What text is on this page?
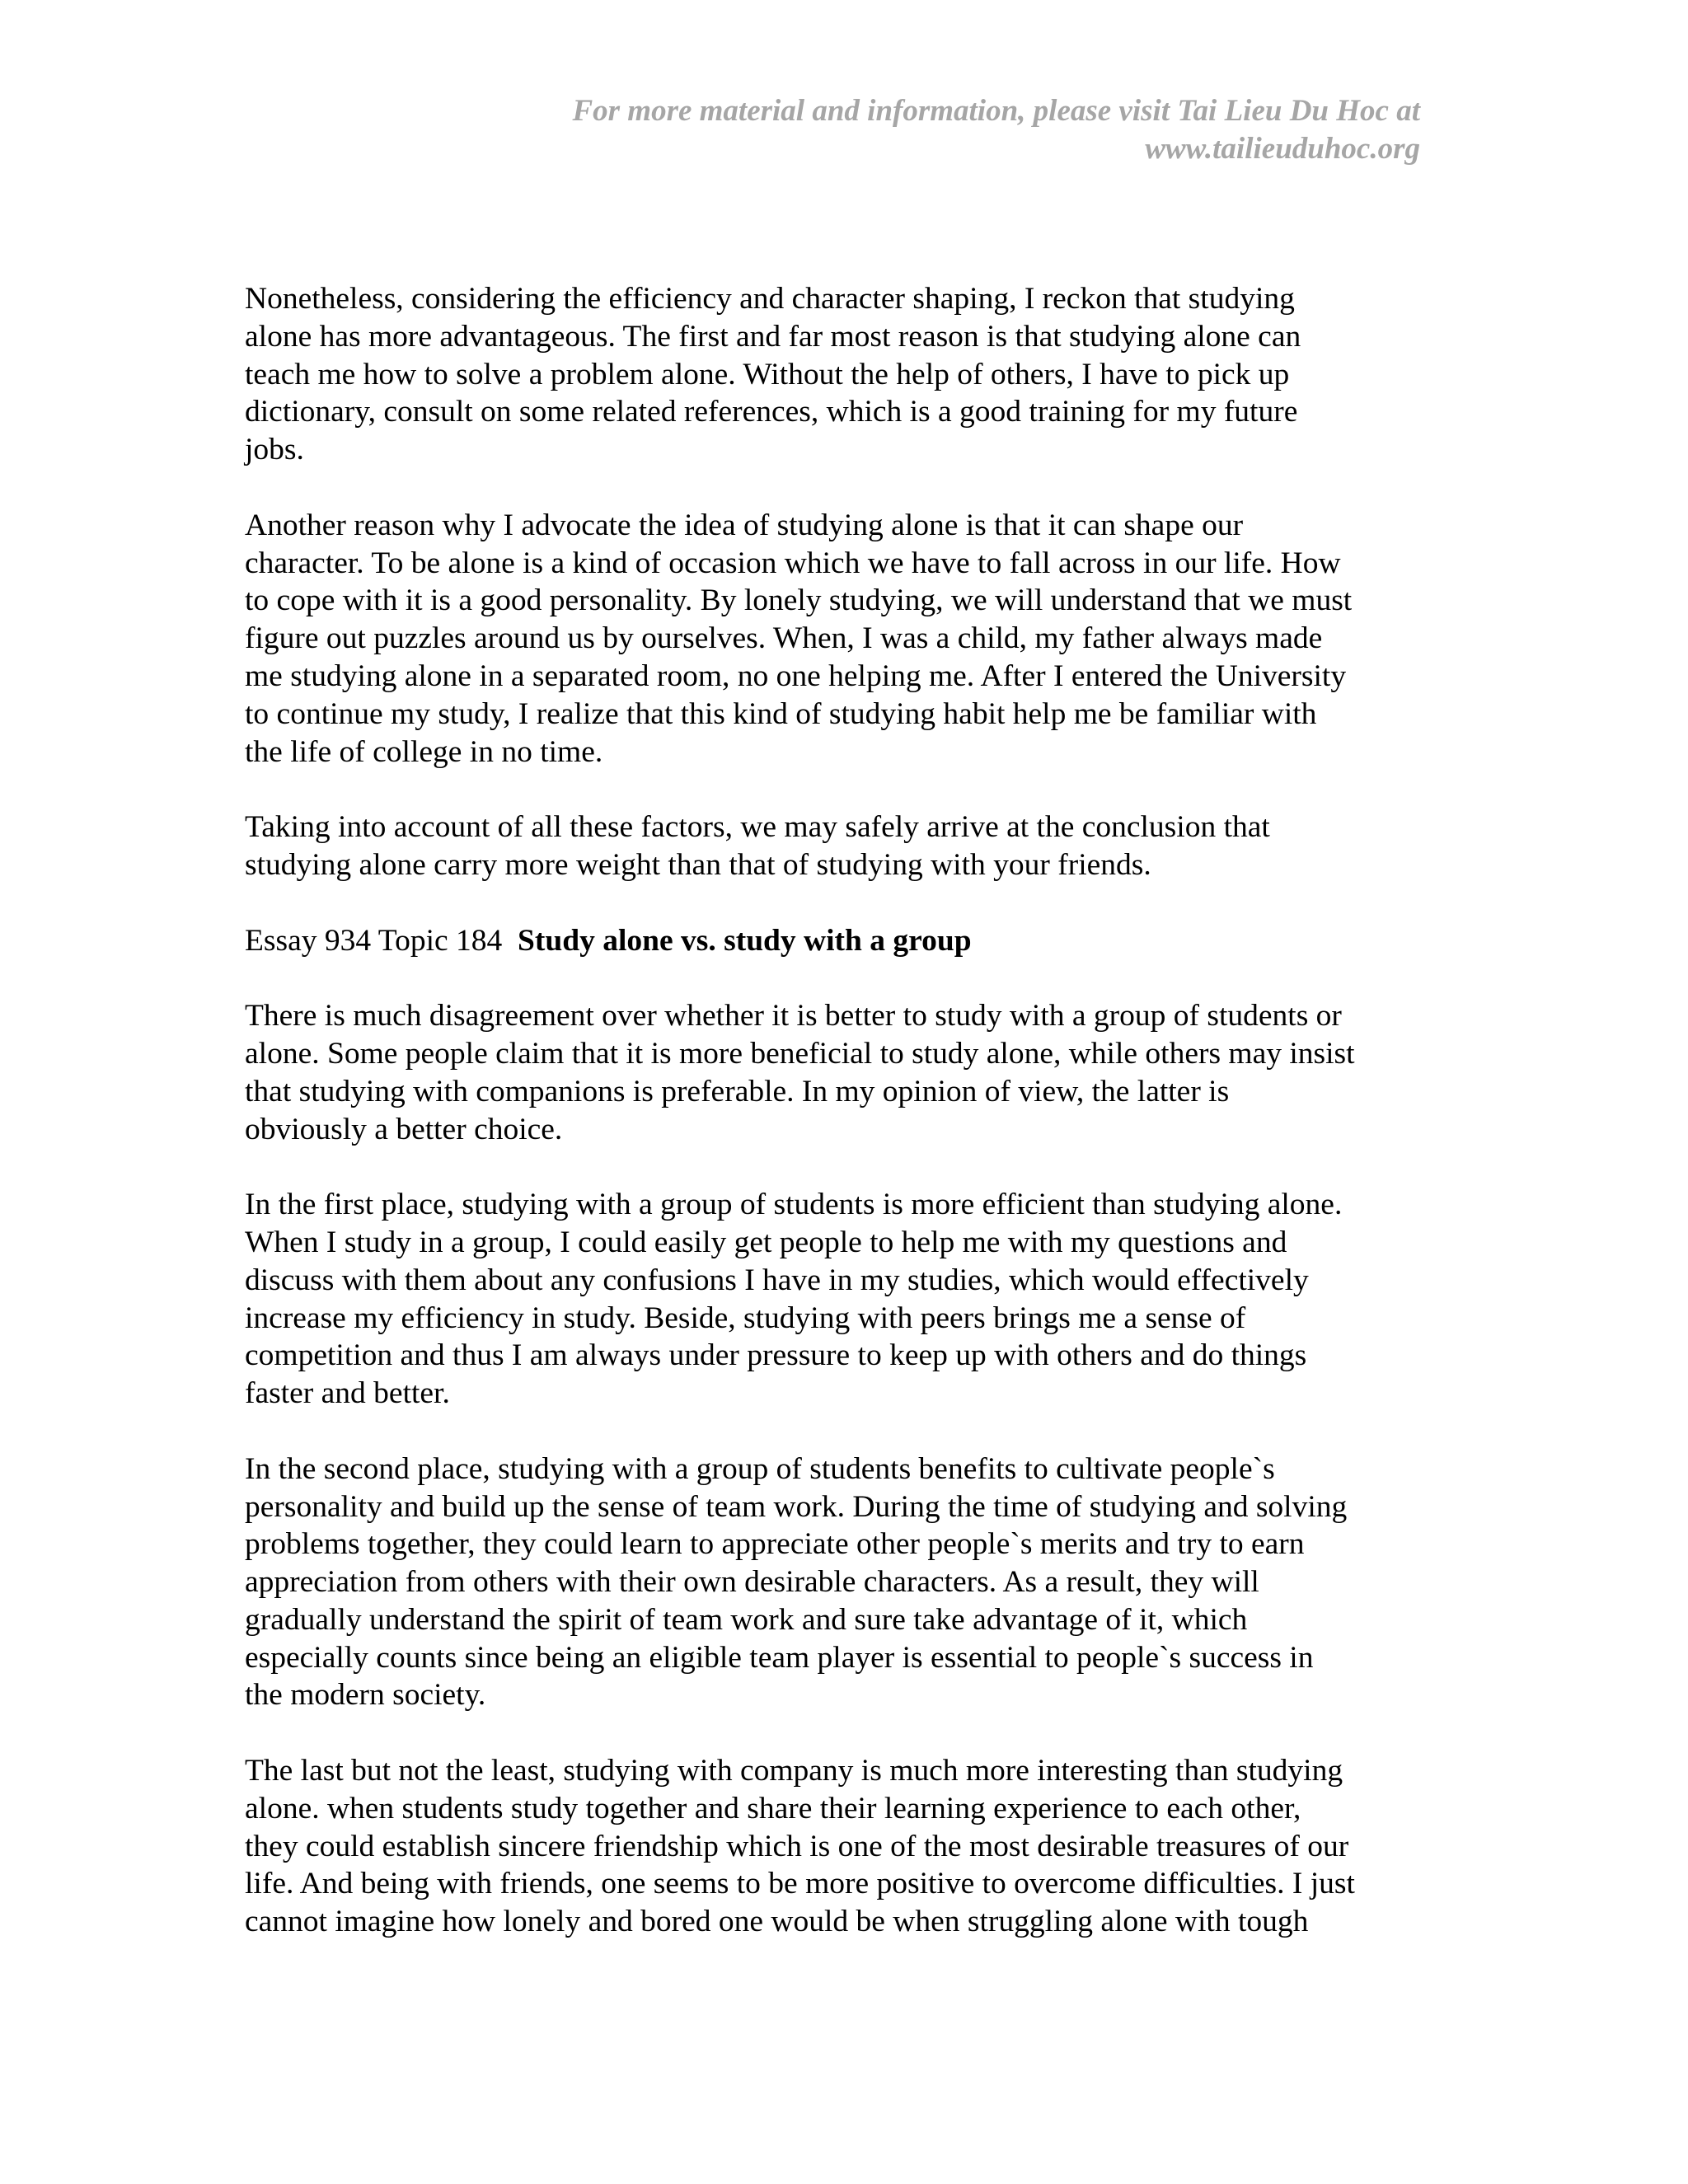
For more material and information, please visit Tai Lieu Du Hoc at
www.tailieuduhoc.org
Nonetheless, considering the efficiency and character shaping, I reckon that studying
alone has more advantageous. The first and far most reason is that studying alone can
teach me how to solve a problem alone. Without the help of others, I have to pick up
dictionary, consult on some related references, which is a good training for my future
jobs.
Another reason why I advocate the idea of studying alone is that it can shape our
character. To be alone is a kind of occasion which we have to fall across in our life. How
to cope with it is a good personality. By lonely studying, we will understand that we must
figure out puzzles around us by ourselves. When, I was a child, my father always made
me studying alone in a separated room, no one helping me. After I entered the University
to continue my study, I realize that this kind of studying habit help me be familiar with
the life of college in no time.
Taking into account of all these factors, we may safely arrive at the conclusion that
studying alone carry more weight than that of studying with your friends.
Essay 934 Topic 184 Study alone vs. study with a group
There is much disagreement over whether it is better to study with a group of students or
alone. Some people claim that it is more beneficial to study alone, while others may insist
that studying with companions is preferable. In my opinion of view, the latter is
obviously a better choice.
In the first place, studying with a group of students is more efficient than studying alone.
When I study in a group, I could easily get people to help me with my questions and
discuss with them about any confusions I have in my studies, which would effectively
increase my efficiency in study. Beside, studying with peers brings me a sense of
competition and thus I am always under pressure to keep up with others and do things
faster and better.
In the second place, studying with a group of students benefits to cultivate people`s
personality and build up the sense of team work. During the time of studying and solving
problems together, they could learn to appreciate other people`s merits and try to earn
appreciation from others with their own desirable characters. As a result, they will
gradually understand the spirit of team work and sure take advantage of it, which
especially counts since being an eligible team player is essential to people`s success in
the modern society.
The last but not the least, studying with company is much more interesting than studying
alone. when students study together and share their learning experience to each other,
they could establish sincere friendship which is one of the most desirable treasures of our
life. And being with friends, one seems to be more positive to overcome difficulties. I just
cannot imagine how lonely and bored one would be when struggling alone with tough
